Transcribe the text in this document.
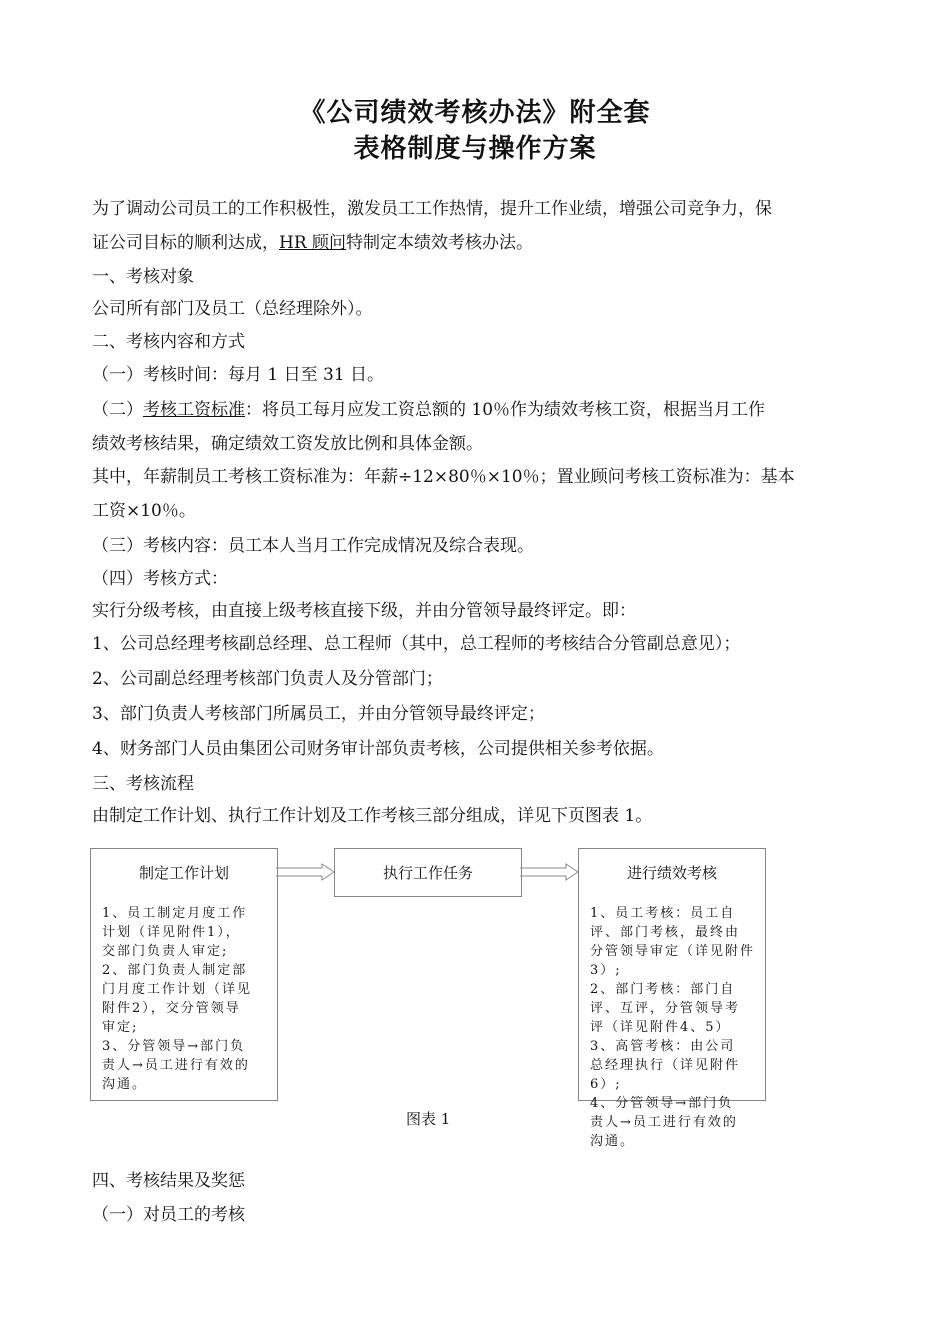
《公司绩效考核办法》附全套
表格制度与操作方案
为了调动公司员工的工作积极性，激发员工工作热情，提升工作业绩，增强公司竞争力，保
证公司目标的顺利达成，HR 顾问特制定本绩效考核办法。
一、考核对象
公司所有部门及员工（总经理除外）。
二、考核内容和方式
（一）考核时间：每月 1 日至 31 日。
（二）考核工资标准：将员工每月应发工资总额的 10％作为绩效考核工资，根据当月工作
绩效考核结果，确定绩效工资发放比例和具体金额。
其中，年薪制员工考核工资标准为：年薪÷12×80％×10％；置业顾问考核工资标准为：基本
工资×10％。
（三）考核内容：员工本人当月工作完成情况及综合表现。
（四）考核方式：
实行分级考核，由直接上级考核直接下级，并由分管领导最终评定。即：
1、公司总经理考核副总经理、总工程师（其中，总工程师的考核结合分管副总意见）；
2、公司副总经理考核部门负责人及分管部门；
3、部门负责人考核部门所属员工，并由分管领导最终评定；
4、财务部门人员由集团公司财务审计部负责考核，公司提供相关参考依据。
三、考核流程
由制定工作计划、执行工作计划及工作考核三部分组成，详见下页图表 1。
制定工作计划
1、员工制定月度工作
计划（详见附件1），
交部门负责人审定;
2、部门负责人制定部
门月度工作计划（详见
附件2），交分管领导
审定;
3、分管领导→部门负
责人→员工进行有效的
沟通。
执行工作任务	进行绩效考核
1、员工考核：员工自
评、部门考核，最终由
分管领导审定（详见附件
3）;
2、部门考核：部门自
评、互评，分管领导考
评（详见附件4、5）
3、高管考核：由公司
总经理执行（详见附件
6）;
4、分管领导→部门负
责人→员工进行有效的
沟通。
图表 1
四、考核结果及奖惩
（一）对员工的考核
